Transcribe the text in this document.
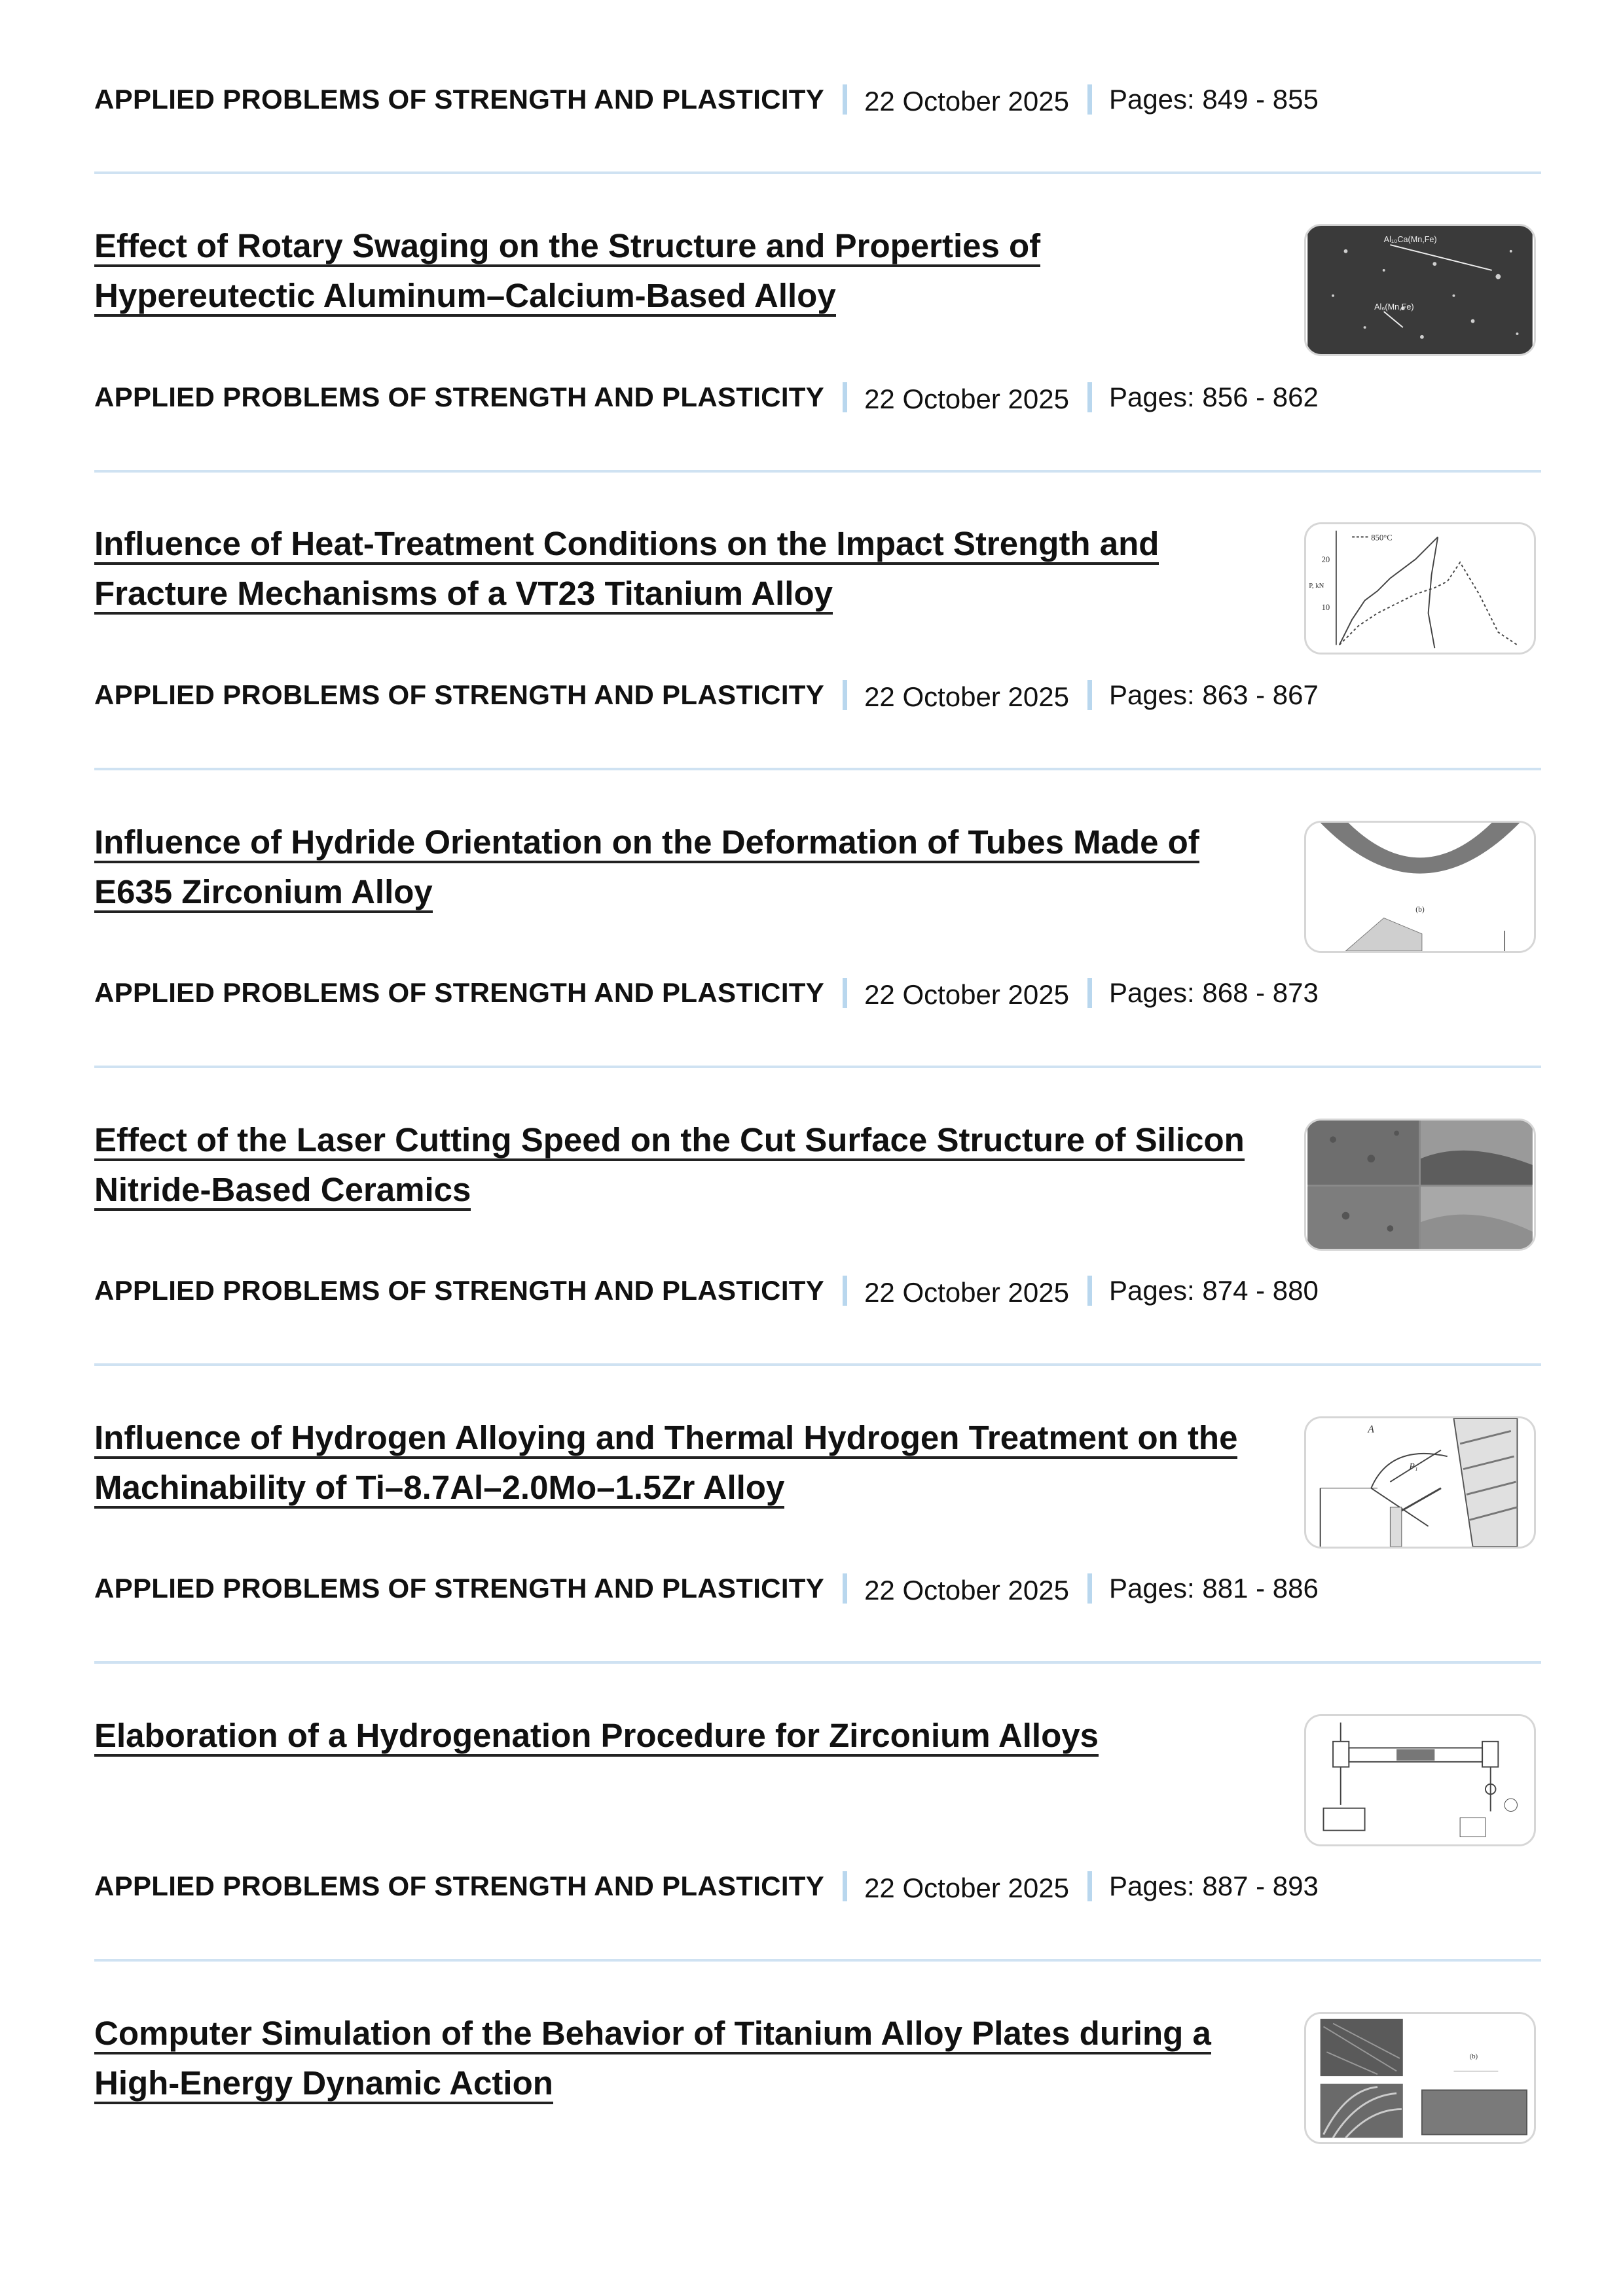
APPLIED PROBLEMS OF STRENGTH AND PLASTICITY 22 October 2025 Pages: 849 - 855
Effect of Rotary Swaging on the Structure and Properties of
Hypereutectic Aluminum–Calcium-Based Alloy
Al₁₀Ca(Mn,Fe)
Al₆(Mn,Fe)
APPLIED PROBLEMS OF STRENGTH AND PLASTICITY 22 October 2025 Pages: 856 - 862
Influence of Heat-Treatment Conditions on the Impact Strength and
Fracture Mechanisms of a VT23 Titanium Alloy
850°C
20
10
P, kN
APPLIED PROBLEMS OF STRENGTH AND PLASTICITY 22 October 2025 Pages: 863 - 867
Influence of Hydride Orientation on the Deformation of Tubes Made of
E635 Zirconium Alloy	(b)
APPLIED PROBLEMS OF STRENGTH AND PLASTICITY 22 October 2025 Pages: 868 - 873
Effect of the Laser Cutting Speed on the Cut Surface Structure of Silicon
Nitride-Based Ceramics
APPLIED PROBLEMS OF STRENGTH AND PLASTICITY 22 October 2025 Pages: 874 - 880
Influence of Hydrogen Alloying and Thermal Hydrogen Treatment on the
Machinability of Ti–8.7Al–2.0Mo–1.5Zr Alloy
A
P₁
APPLIED PROBLEMS OF STRENGTH AND PLASTICITY 22 October 2025 Pages: 881 - 886
Elaboration of a Hydrogenation Procedure for Zirconium Alloys
APPLIED PROBLEMS OF STRENGTH AND PLASTICITY 22 October 2025 Pages: 887 - 893
Computer Simulation of the Behavior of Titanium Alloy Plates during a
High-Energy Dynamic Action
(b)
